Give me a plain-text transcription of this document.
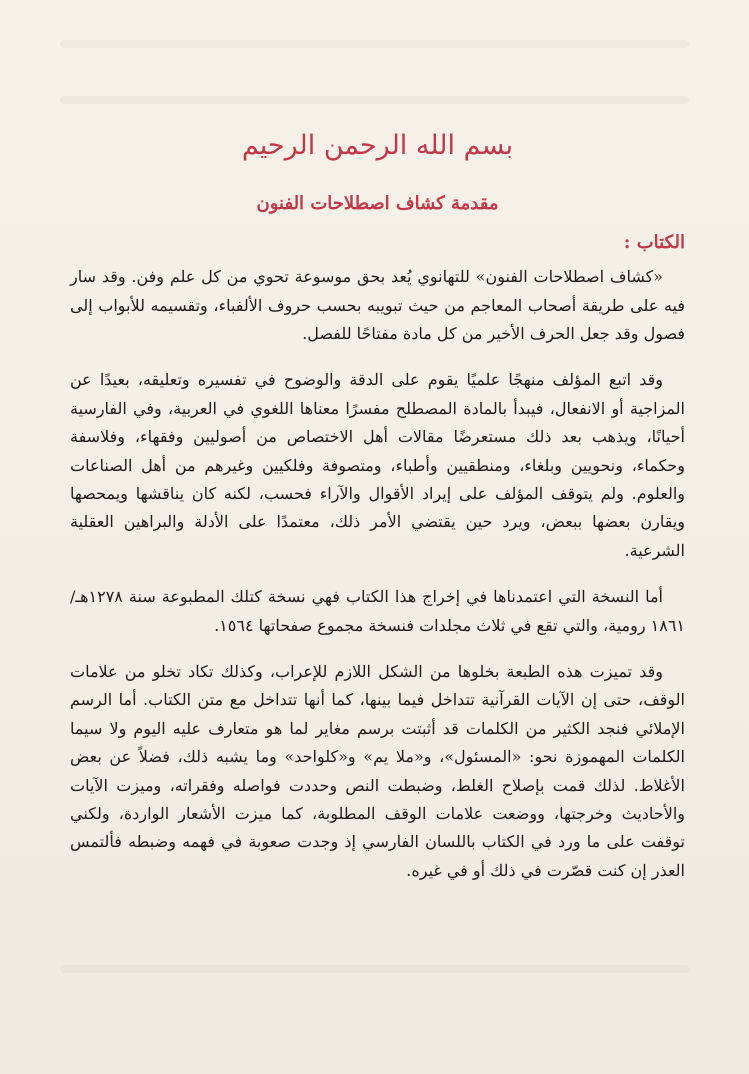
بسم الله الرحمن الرحيم
مقدمة كشاف اصطلاحات الفنون
الكتاب :

«كشاف اصطلاحات الفنون» للتهانوي يُعد بحق موسوعة تحوي من كل علم وفن. وقد سار فيه على طريقة أصحاب المعاجم من حيث تبويبه بحسب حروف الألفباء، وتقسيمه للأبواب إلى فصول وقد جعل الحرف الأخير من كل مادة مفتاحًا للفصل.

وقد اتبع المؤلف منهجًا علميًا يقوم على الدقة والوضوح في تفسيره وتعليقه، بعيدًا عن المزاجية أو الانفعال، فيبدأ بالمادة المصطلح مفسرًا معناها اللغوي في العربية، وفي الفارسية أحيانًا، ويذهب بعد ذلك مستعرضًا مقالات أهل الاختصاص من أصوليين وفقهاء، وفلاسفة وحكماء، ونحويين وبلغاء، ومنطقيين وأطباء، ومتصوفة وفلكيين وغيرهم من أهل الصناعات والعلوم. ولم يتوقف المؤلف على إيراد الأقوال والآراء فحسب، لكنه كان يناقشها ويمحصها ويقارن بعضها ببعض، ويرد حين يقتضي الأمر ذلك، معتمدًا على الأدلة والبراهين العقلية الشرعية.

أما النسخة التي اعتمدناها في إخراج هذا الكتاب فهي نسخة كتلك المطبوعة سنة ١٢٧٨هـ/ ١٨٦١ رومية، والتي تقع في ثلاث مجلدات فنسخة مجموع صفحاتها ١٥٦٤.

وقد تميزت هذه الطبعة بخلوها من الشكل اللازم للإعراب، وكذلك تكاد تخلو من علامات الوقف، حتى إن الآيات القرآنية تتداخل فيما بينها، كما أنها تتداخل مع متن الكتاب. أما الرسم الإملائي فنجد الكثير من الكلمات قد أثبتت برسم مغاير لما هو متعارف عليه اليوم ولا سيما الكلمات المهموزة نحو: «المسئول»، و«ملا يم» و«كلواحد» وما يشبه ذلك، فضلاً عن بعض الأغلاط. لذلك قمت بإصلاح الغلط، وضبطت النص وحددت فواصله وفقراته، وميزت الآيات والأحاديث وخرجتها، ووضعت علامات الوقف المطلوبة، كما ميزت الأشعار الواردة، ولكني توقفت على ما ورد في الكتاب باللسان الفارسي إذ وجدت صعوبة في فهمه وضبطه فألتمس العذر إن كنت قصّرت في ذلك أو في غيره.
